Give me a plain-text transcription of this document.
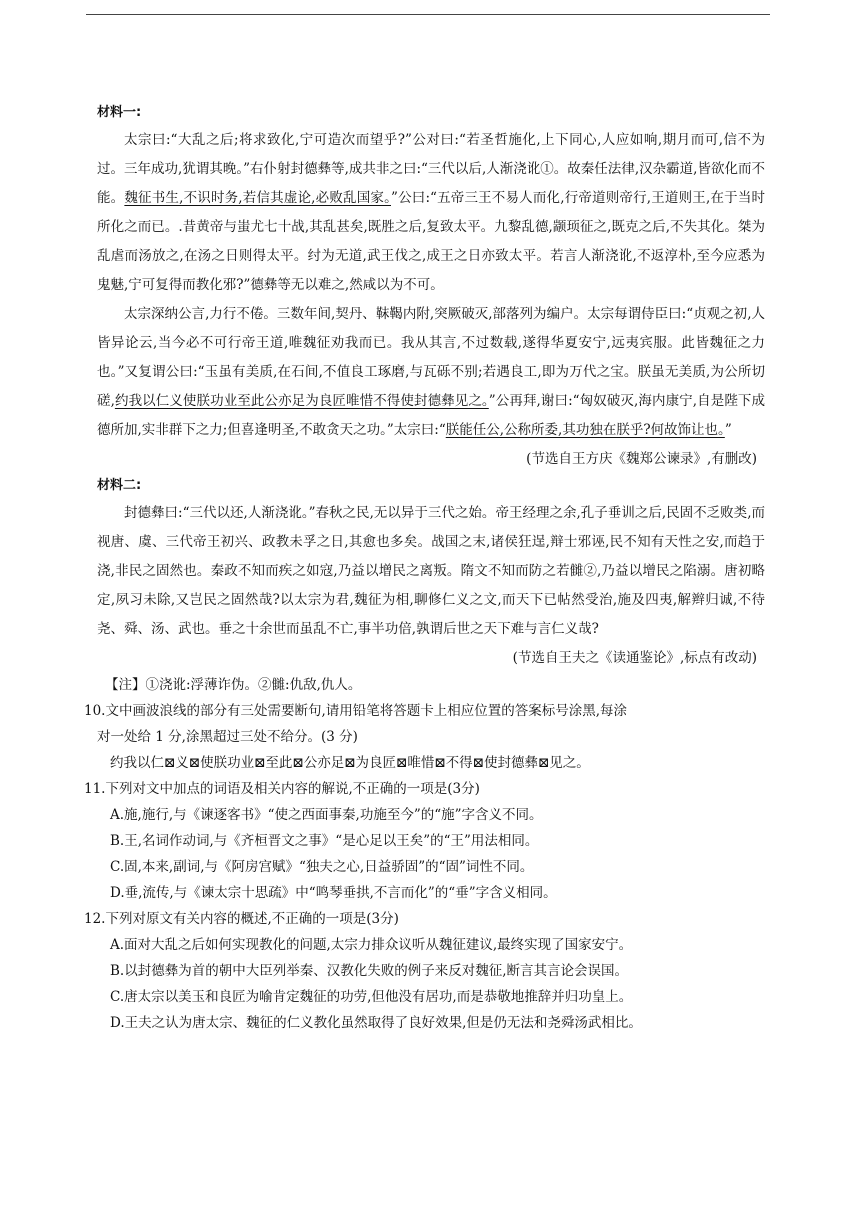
材料一:

太宗曰:“大乱之后;将求致化,宁可造次而望乎?”公对曰:“若圣哲施化,上下同心,人应如响,期月而可,信不为过。三年成功,犹谓其晚。”右仆射封德彝等,成共非之曰:“三代以后,人渐浇讹①。故秦任法律,汉杂霸道,皆欲化而不能。魏征书生,不识时务,若信其虚论,必败乱国家。”公曰:“五帝三王不易人而化,行帝道则帝行,王道则王,在于当时所化之而已。.昔黄帝与蚩尤七十战,其乱甚矣,既胜之后,复致太平。九黎乱德,颛顼征之,既克之后,不失其化。桀为乱虐而汤放之,在汤之日则得太平。纣为无道,武王伐之,成王之日亦致太平。若言人渐浇讹,不返淳朴,至今应悉为鬼魅,宁可复得而教化邪?”德彝等无以难之,然咸以为不可。

太宗深纳公言,力行不倦。三数年间,契丹、靺鞨内附,突厥破灭,部落列为编户。太宗每谓侍臣曰:“贞观之初,人皆异论云,当今必不可行帝王道,唯魏征劝我而已。我从其言,不过数载,遂得华夏安宁,远夷宾服。此皆魏征之力也。”又复谓公曰:“玉虽有美质,在石间,不值良工琢磨,与瓦砾不别;若遇良工,即为万代之宝。朕虽无美质,为公所切磋,约我以仁义使朕功业至此公亦足为良匠唯惜不得使封德彝见之。”公再拜,谢曰:“匈奴破灭,海内康宁,自是陛下成德所加,实非群下之力;但喜逢明圣,不敢贪天之功。”太宗曰:“朕能任公,公称所委,其功独在朕乎?何故饰让也。”

(节选自王方庆《魏郑公谏录》,有删改)
材料二:

封德彝曰:“三代以还,人渐浇讹。”春秋之民,无以异于三代之始。帝王经理之余,孔子垂训之后,民固不乏败类,而视唐、虞、三代帝王初兴、政教未孚之日,其愈也多矣。战国之末,诸侯狂逞,辩士邪诬,民不知有天性之安,而趋于浇,非民之固然也。秦政不知而疾之如寇,乃益以增民之离叛。隋文不知而防之若雠②,乃益以增民之陷溺。唐初略定,夙习未除,又岂民之固然哉?以太宗为君,魏征为相,聊修仁义之文,而天下已帖然受治,施及四夷,解辫归诚,不待尧、舜、汤、武也。垂之十余世而虽乱不亡,事半功倍,孰谓后世之天下难与言仁义哉?

(节选自王夫之《读通鉴论》,标点有改动)
【注】①浇讹:浮薄诈伪。②雠:仇敌,仇人。
10.文中画波浪线的部分有三处需要断句,请用铅笔将答题卡上相应位置的答案标号涂黑,每涂
对一处给 1 分,涂黑超过三处不给分。(3 分)
约我以仁⊠义⊠使朕功业⊠至此⊠公亦足⊠为良匠⊠唯惜⊠不得⊠使封德彝⊠见之。
11.下列对文中加点的词语及相关内容的解说,不正确的一项是(3分)
A.施,施行,与《谏逐客书》“使之西面事秦,功施至今”的“施”字含义不同。
B.王,名词作动词,与《齐桓晋文之事》“是心足以王矣”的“王”用法相同。
C.固,本来,副词,与《阿房宫赋》“独夫之心,日益骄固”的“固”词性不同。
D.垂,流传,与《谏太宗十思疏》中“鸣琴垂拱,不言而化”的“垂”字含义相同。
12.下列对原文有关内容的概述,不正确的一项是(3分)
A.面对大乱之后如何实现教化的问题,太宗力排众议听从魏征建议,最终实现了国家安宁。
B.以封德彝为首的朝中大臣列举秦、汉教化失败的例子来反对魏征,断言其言论会误国。
C.唐太宗以美玉和良匠为喻肯定魏征的功劳,但他没有居功,而是恭敬地推辞并归功皇上。
D.王夫之认为唐太宗、魏征的仁义教化虽然取得了良好效果,但是仍无法和尧舜汤武相比。
